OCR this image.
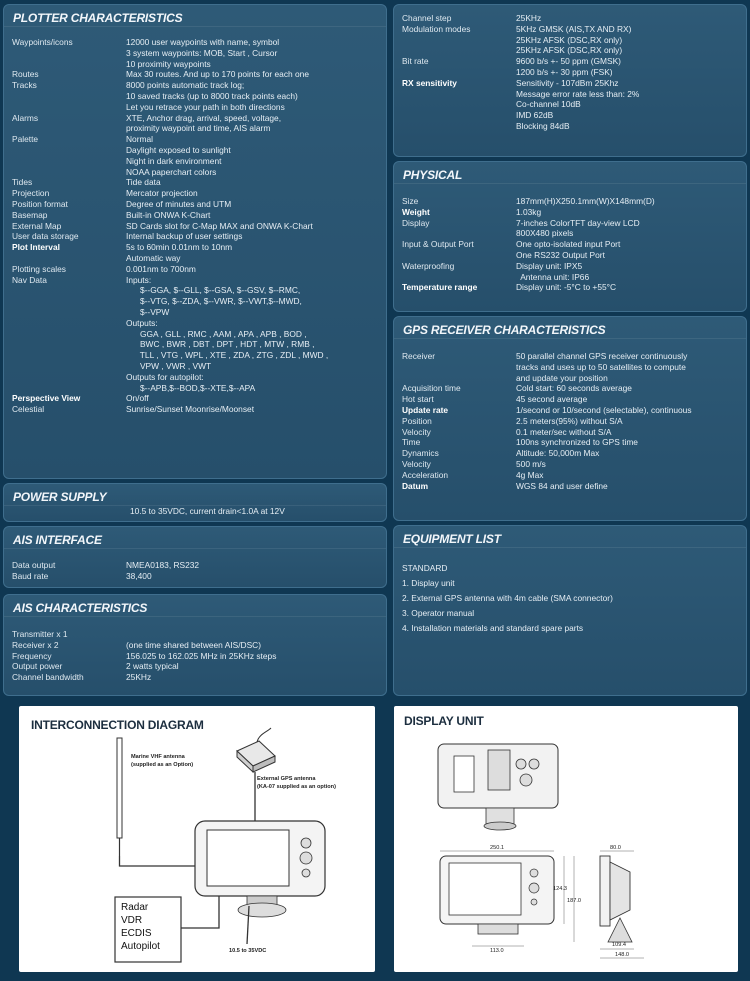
PLOTTER CHARACTERISTICS
Waypoints/icons	12000 user waypoints with name, symbol
3 system waypoints: MOB, Start , Cursor
10 proximity waypoints
Routes	Max 30 routes. And up to 170 points for each one
Tracks	8000 points automatic track log;
10 saved tracks (up to 8000 track points each)
Let you retrace your path in both directions
Alarms	XTE, Anchor drag, arrival, speed, voltage,
proximity waypoint and time, AIS alarm
Palette	Normal
Daylight exposed to sunlight
Night in dark environment
NOAA paperchart colors
Tides	Tide data
Projection	Mercator projection
Position format	Degree of minutes and UTM
Basemap	Built-in ONWA K-Chart
External Map	SD Cards slot for C-Map MAX and ONWA K-Chart
User data storage	Internal backup of user settings
Plot Interval	5s to 60min 0.01nm to 10nm
Automatic way
Plotting scales	0.001nm to 700nm
Nav Data	Inputs:
$--GGA, $--GLL, $--GSA, $--GSV, $--RMC,
$--VTG, $--ZDA, $--VWR, $--VWT,$--MWD,
$--VPW
Outputs:
GGA , GLL , RMC , AAM , APA , APB , BOD ,
BWC , BWR , DBT , DPT , HDT , MTW , RMB ,
TLL , VTG , WPL , XTE , ZDA , ZTG , ZDL , MWD ,
VPW , VWR , VWT
Outputs for autopilot:
$--APB,$--BOD,$--XTE,$--APA
Perspective View	On/off
Celestial	Sunrise/Sunset Moonrise/Moonset
Channel step	25KHz
Modulation modes	5KHz GMSK (AIS,TX AND RX)
25KHz AFSK (DSC,RX only)
25KHz AFSK (DSC,RX only)
Bit rate	9600 b/s +- 50 ppm (GMSK)
1200 b/s +- 30 ppm (FSK)
RX sensitivity	Sensitivity - 107dBm 25Khz
Message error rate less than: 2%
Co-channel 10dB
IMD 62dB
Blocking 84dB
PHYSICAL
Size	187mm(H)X250.1mm(W)X148mm(D)
Weight	1.03kg
Display	7-inches ColorTFT day-view LCD
800X480 pixels
Input & Output Port	One opto-isolated input Port
One RS232 Output Port
Waterproofing	Display unit: IPX5
Antenna unit: IP66
Temperature range	Display unit: -5°C to +55°C
GPS RECEIVER CHARACTERISTICS
Receiver	50 parallel channel GPS receiver continuously
tracks and uses up to 50 satellites to compute
and update your position
Acquisition time	Cold start: 60 seconds average
Hot start	45 second average
Update rate	1/second or 10/second (selectable), continuous
Position	2.5 meters(95%) without S/A
Velocity	0.1 meter/sec without S/A
Time	100ns synchronized to GPS time
Dynamics	Altitude: 50,000m Max
Velocity	500 m/s
Acceleration	4g Max
Datum	WGS 84 and user define
POWER SUPPLY
10.5 to 35VDC, current drain<1.0A at 12V
EQUIPMENT LIST
STANDARD
1. Display unit
2. External GPS antenna with 4m cable (SMA connector)
3. Operator manual
4. Installation materials and standard spare parts
AIS INTERFACE
Data output	NMEA0183, RS232
Baud rate	38,400
AIS CHARACTERISTICS
Transmitter x 1
Receiver x 2	(one time shared between AIS/DSC)
Frequency	156.025 to 162.025 MHz in 25KHz steps
Output power	2 watts typical
Channel bandwidth	25KHz
INTERCONNECTION DIAGRAM
Marine VHF antenna
(supplied as an Option)
External GPS antenna
(KA-07 supplied as an option)
Radar
VDR
ECDIS
Autopilot	10.5 to 35VDC
DISPLAY UNIT
250.1	80.0
124.3
187.0
113.0
109.4
148.0
